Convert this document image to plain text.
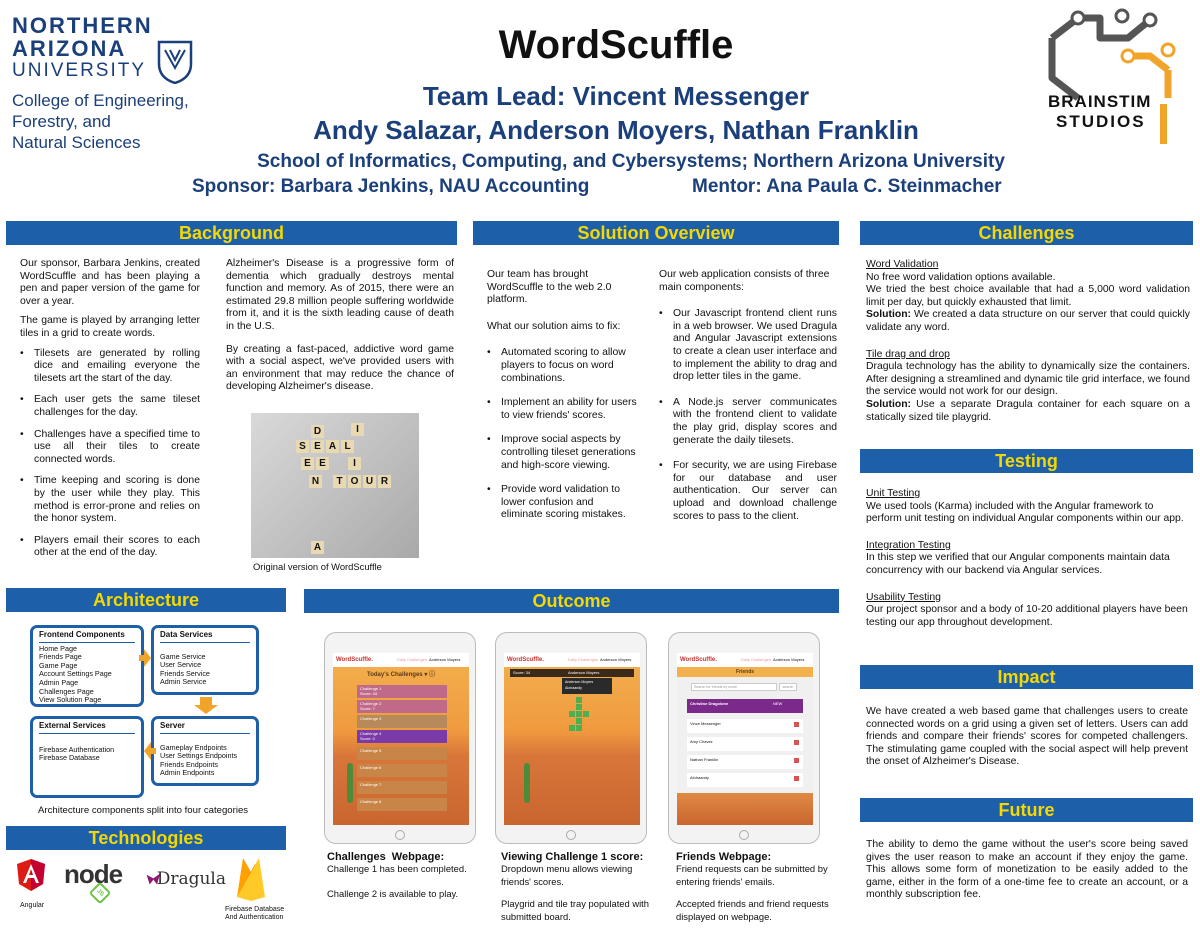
NORTHERN
ARIZONA
UNIVERSITY
College of Engineering,
Forestry, and
Natural Sciences
WordScuffle
Team Lead: Vincent Messenger
Andy Salazar, Anderson Moyers, Nathan Franklin
School of Informatics, Computing, and Cybersystems; Northern Arizona University
Sponsor: Barbara Jenkins, NAU Accounting	Mentor: Ana Paula C. Steinmacher
BRAINSTIM
STUDIOS
Background

Our sponsor, Barbara Jenkins, created WordScuffle and has been playing a pen and paper version of the game for over a year.

The game is played by arranging letter tiles in a grid to create words.

• Tilesets are generated by rolling dice and emailing everyone the tilesets art the start of the day.
• Each user gets the same tileset challenges for the day.
• Challenges have a specified time to use all their tiles to create connected words.
• Time keeping and scoring is done by the user while they play. This method is error-prone and relies on the honor system.
• Players email their scores to each other at the end of the day.

Alzheimer's Disease is a progressive form of dementia which gradually destroys mental function and memory. As of 2015, there were an estimated 29.8 million people suffering worldwide from it, and it is the sixth leading cause of death in the U.S.

By creating a fast-paced, addictive word game with a social aspect, we've provided users with an environment that may reduce the chance of developing Alzheimer's disease.

D
E A L
S
E E
N	T O U R
I
I
A
Original version of WordScuffle
Solution Overview

Our team has brought WordScuffle to the web 2.0 platform.

What our solution aims to fix:

• Automated scoring to allow players to focus on word combinations.
• Implement an ability for users to view friends' scores.
• Improve social aspects by controlling tileset generations and high-score viewing.
• Provide word validation to lower confusion and eliminate scoring mistakes.

Our web application consists of three main components:

• Our Javascript frontend client runs in a web browser. We used Dragula and Angular Javascript extensions to create a clean user interface and to implement the ability to drag and drop letter tiles in the game.
• A Node.js server communicates with the frontend client to validate the play grid, display scores and generate the daily tilesets.
• For security, we are using Firebase for our database and user authentication. Our server can upload and download challenge scores to pass to the client.
Challenges
Word Validation
No free word validation options available.
We tried the best choice available that had a 5,000 word validation limit per day, but quickly exhausted that limit.
Solution: We created a data structure on our server that could quickly validate any word.
Tile drag and drop
Dragula technology has the ability to dynamically size the containers. After designing a streamlined and dynamic tile grid interface, we found the service would not work for our design.
Solution: Use a separate Dragula container for each square on a statically sized tile playgrid.
Testing
Unit Testing
We used tools (Karma) included with the Angular framework to perform unit testing on individual Angular components within our app.
Integration Testing
In this step we verified that our Angular components maintain data concurrency with our backend via Angular services.
Usability Testing
Our project sponsor and a body of 10-20 additional players have been testing our app throughout development.
Impact
We have created a web based game that challenges users to create connected words on a grid using a given set of letters. Users can add friends and compare their friends' scores for competed challengers. The stimulating game coupled with the social aspect will help prevent the onset of Alzheimer's Disease.
Future
The ability to demo the game without the user's score being saved gives the user reason to make an account if they enjoy the game. This allows some form of monetization to be easily added to the game, either in the form of a one-time fee to create an account, or a monthly subscription fee.
Architecture
Frontend Components
Home Page
Friends Page
Game Page
Account Settings Page
Admin Page
Challenges Page
View Solution Page
Data Services
Game Service
User Service
Friends Service
Admin Service
External Services
Firebase Authentication
Firebase Database
Server
Gameplay Endpoints
User Settings Endpoints
Friends Endpoints
Admin Endpoints
Architecture components split into four categories
Technologies
Angular
node
JS
Dragula
Firebase Database And Authentication
Outcome
WordScuffle.	Daily Challenges Anderson Moyers
Today's Challenges ▾ ⓘ
Challenge 1
Score: 44
Challenge 2
Score: ?
Challenge 3
Challenge 4
Score: 0
Challenge 5
Challenge 6
Challenge 7
Challenge 8
WordScuffle.	Daily Challenges Anderson Moyers
Score: 34	Anderson Moyers
Anderson Moyers
Alohaandy
WordScuffle.	Daily Challenges Anderson Moyers
Friends
Search for friends by email	search
Christine Dragolone	NEW
Vince Messenger
Amy Chavez
Nathan Franklin
Alohaandy
Challenges  Webpage:
Challenge 1 has been completed.
Challenge 2 is available to play.
Viewing Challenge 1 score:
Dropdown menu allows viewing friends' scores.
Playgrid and tile tray populated with submitted board.
Friends Webpage:
Friend requests can be submitted by entering friends' emails.
Accepted friends and friend requests displayed on webpage.
